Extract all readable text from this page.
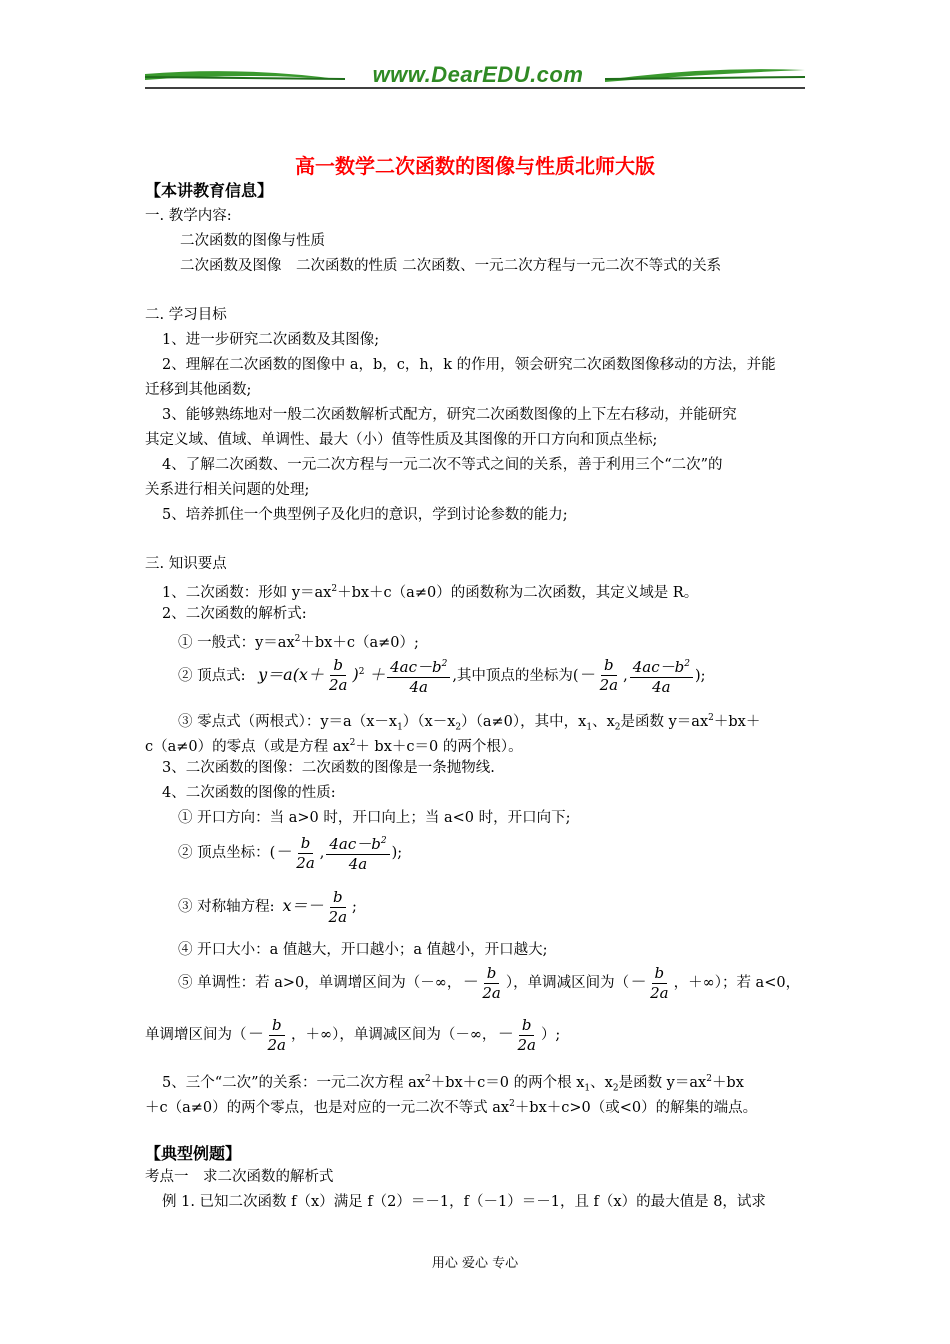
www.DearEDU.com
高一数学二次函数的图像与性质北师大版
【本讲教育信息】
一. 教学内容:
二次函数的图像与性质
二次函数及图像　二次函数的性质 二次函数、一元二次方程与一元二次不等式的关系
二. 学习目标
1、进一步研究二次函数及其图像;
2、理解在二次函数的图像中 a，b，c，h，k 的作用，领会研究二次函数图像移动的方法，并能
迁移到其他函数;
3、能够熟练地对一般二次函数解析式配方，研究二次函数图像的上下左右移动，并能研究
其定义域、值域、单调性、最大（小）值等性质及其图像的开口方向和顶点坐标;
4、了解二次函数、一元二次方程与一元二次不等式之间的关系，善于利用三个“二次”的
关系进行相关问题的处理;
5、培养抓住一个典型例子及化归的意识，学到讨论参数的能力;
三. 知识要点
1、二次函数：形如 $y=ax^2+bx+c(a\ne 0)$的函数称为二次函数，其定义域是 R。
2、二次函数的解析式:
① 一般式：$y=ax^2+bx+c(a\ne 0)$;
② 顶点式: $y=a(x+ \frac{b}{2a} )^2 + \frac{4ac-b^2}{4a}$ ,其中顶点的坐标为(－ $\frac{b}{2a}$ , $\frac{4ac-b^2}{4a}$ );
③ 零点式（两根式）：$y=a(x-x_1)(x-x_2)(a\ne 0)$，其中，$x_1$、$x_2$是函数 $y=ax^2+bx+$
c（a≠0）的零点（或是方程 $ax^2+ bx+c=0$ 的两个根）。
3、二次函数的图像：二次函数的图像是一条抛物线.
4、二次函数的图像的性质:
① 开口方向：当 a>0 时，开口向上；当 a<0 时，开口向下;
② 顶点坐标：(－ $\frac{b}{2a}$ , $\frac{4ac-b^2}{4a}$ );
③ 对称轴方程: $x=- \frac{b}{2a}$ ;
④ 开口大小：a 值越大，开口越小；a 值越小，开口越大;
⑤ 单调性：若 a>0，单调增区间为（－∞，－ $\frac{b}{2a}$ ），单调减区间为（－ $\frac{b}{2a}$ ，＋∞）；若 a<0，
单调增区间为（－ $\frac{b}{2a}$ ，＋∞），单调减区间为（－∞，－ $\frac{b}{2a}$ ）;
5、三个“二次”的关系：一元二次方程 $ax^2+bx+c=0$ 的两个根 $x_1$、$x_2$是函数 $y=ax^2+bx$
＋c（a≠0）的两个零点，也是对应的一元二次不等式 $ax^2+bx+c>0$（或<0）的解集的端点。
【典型例题】
考点一　求二次函数的解析式
例 1. 已知二次函数 f（x）满足 f（2）＝－1，f（－1）＝－1，且 f（x）的最大值是 8，试求
用心 爱心 专心
